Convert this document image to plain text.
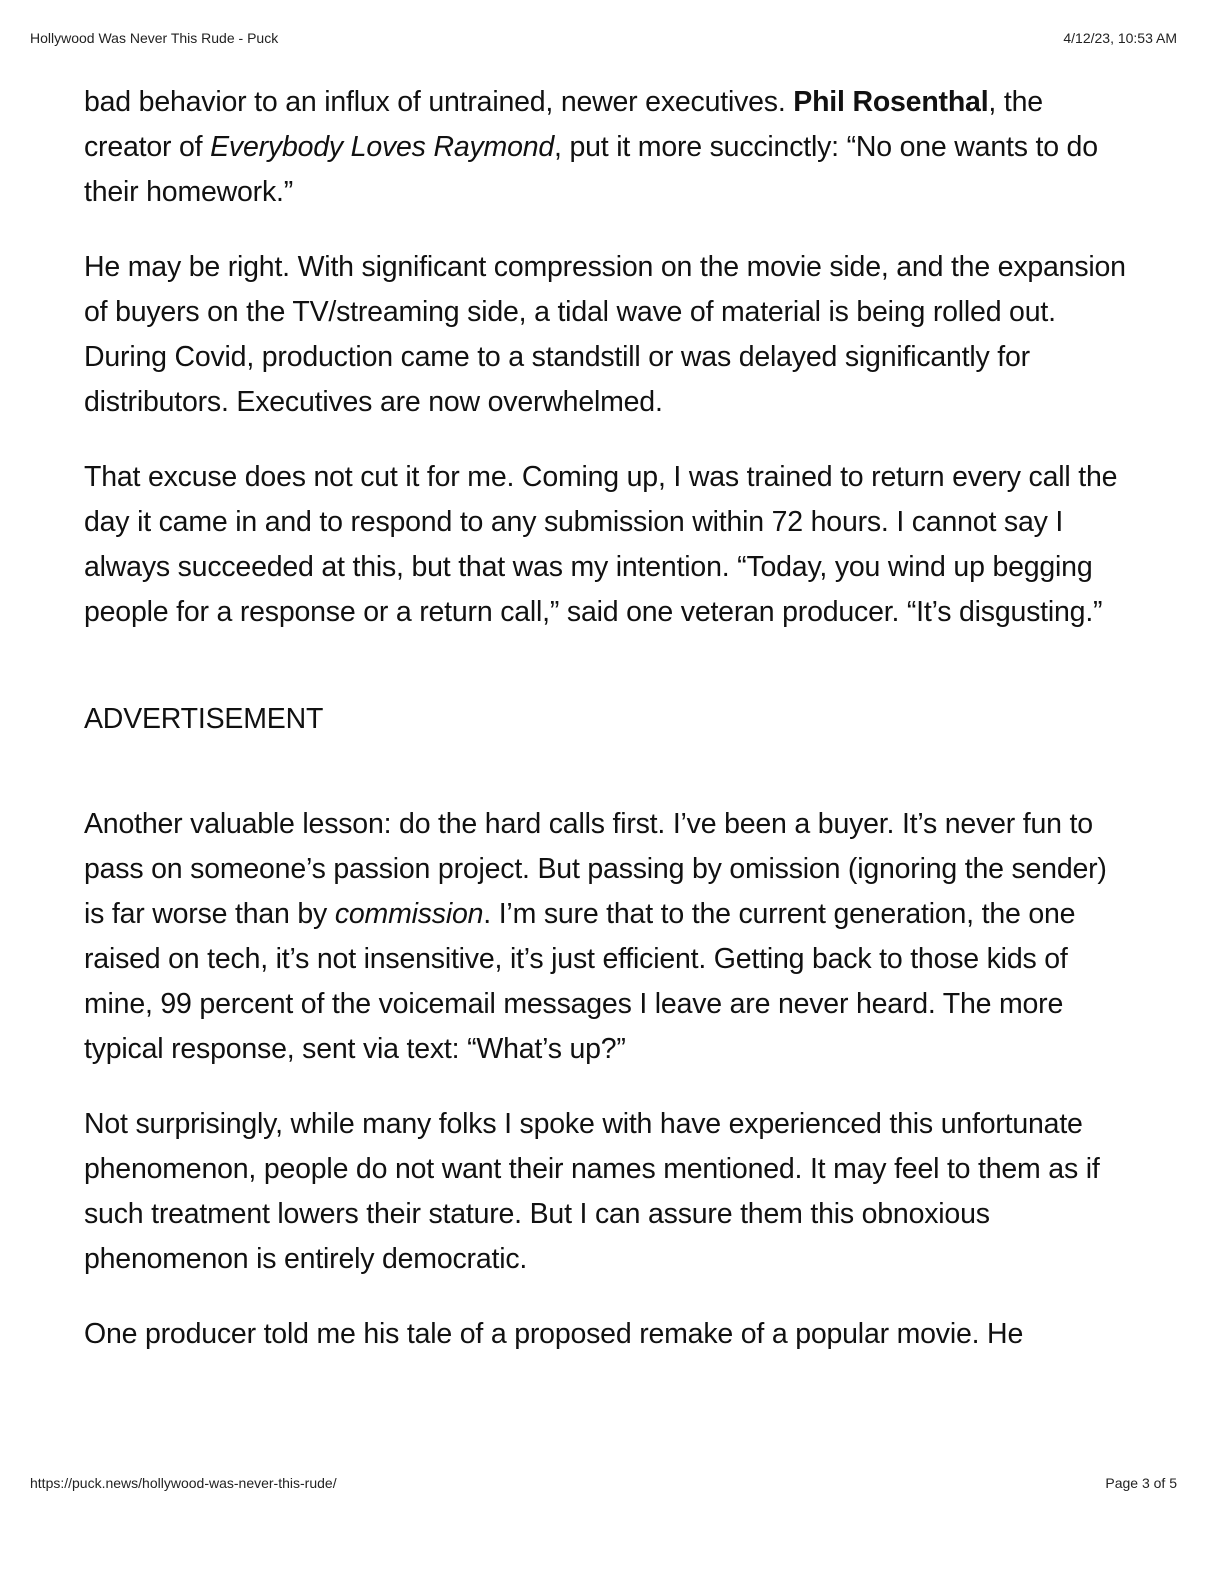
Hollywood Was Never This Rude - Puck	4/12/23, 10:53 AM

bad behavior to an influx of untrained, newer executives. Phil Rosenthal, the creator of Everybody Loves Raymond, put it more succinctly: “No one wants to do their homework.”

He may be right. With significant compression on the movie side, and the expansion of buyers on the TV/streaming side, a tidal wave of material is being rolled out. During Covid, production came to a standstill or was delayed significantly for distributors. Executives are now overwhelmed.

That excuse does not cut it for me. Coming up, I was trained to return every call the day it came in and to respond to any submission within 72 hours. I cannot say I always succeeded at this, but that was my intention. “Today, you wind up begging people for a response or a return call,” said one veteran producer. “It’s disgusting.”

ADVERTISEMENT

Another valuable lesson: do the hard calls first. I’ve been a buyer. It’s never fun to pass on someone’s passion project. But passing by omission (ignoring the sender) is far worse than by commission. I’m sure that to the current generation, the one raised on tech, it’s not insensitive, it’s just efficient. Getting back to those kids of mine, 99 percent of the voicemail messages I leave are never heard. The more typical response, sent via text: “What’s up?”

Not surprisingly, while many folks I spoke with have experienced this unfortunate phenomenon, people do not want their names mentioned. It may feel to them as if such treatment lowers their stature. But I can assure them this obnoxious phenomenon is entirely democratic.

One producer told me his tale of a proposed remake of a popular movie. He

https://puck.news/hollywood-was-never-this-rude/	Page 3 of 5
